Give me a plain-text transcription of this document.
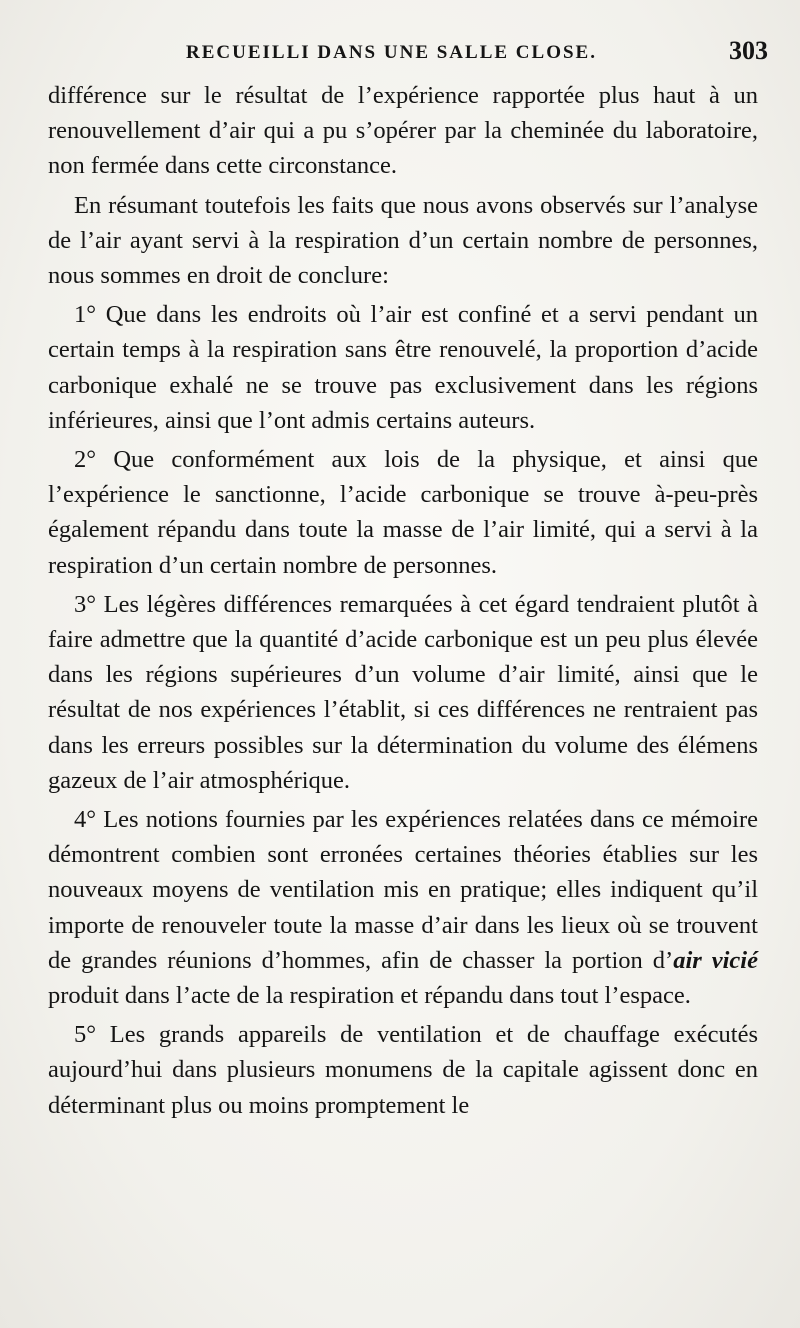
RECUEILLI DANS UNE SALLE CLOSE.	303

différence sur le résultat de l’expérience rapportée plus haut à un renouvellement d’air qui a pu s’opérer par la cheminée du laboratoire, non fermée dans cette circonstance.

En résumant toutefois les faits que nous avons observés sur l’analyse de l’air ayant servi à la respiration d’un certain nombre de personnes, nous sommes en droit de conclure:

1° Que dans les endroits où l’air est confiné et a servi pendant un certain temps à la respiration sans être renouvelé, la proportion d’acide carbonique exhalé ne se trouve pas exclusivement dans les régions inférieures, ainsi que l’ont admis certains auteurs.

2° Que conformément aux lois de la physique, et ainsi que l’expérience le sanctionne, l’acide carbonique se trouve à-peu-près également répandu dans toute la masse de l’air limité, qui a servi à la respiration d’un certain nombre de personnes.

3° Les légères différences remarquées à cet égard tendraient plutôt à faire admettre que la quantité d’acide carbonique est un peu plus élevée dans les régions supérieures d’un volume d’air limité, ainsi que le résultat de nos expériences l’établit, si ces différences ne rentraient pas dans les erreurs possibles sur la détermination du volume des élémens gazeux de l’air atmosphérique.

4° Les notions fournies par les expériences relatées dans ce mémoire démontrent combien sont erronées certaines théories établies sur les nouveaux moyens de ventilation mis en pratique; elles indiquent qu’il importe de renouveler toute la masse d’air dans les lieux où se trouvent de grandes réunions d’hommes, afin de chasser la portion d’air vicié produit dans l’acte de la respiration et répandu dans tout l’espace.

5° Les grands appareils de ventilation et de chauffage exécutés aujourd’hui dans plusieurs monumens de la capitale agissent donc en déterminant plus ou moins promptement le
